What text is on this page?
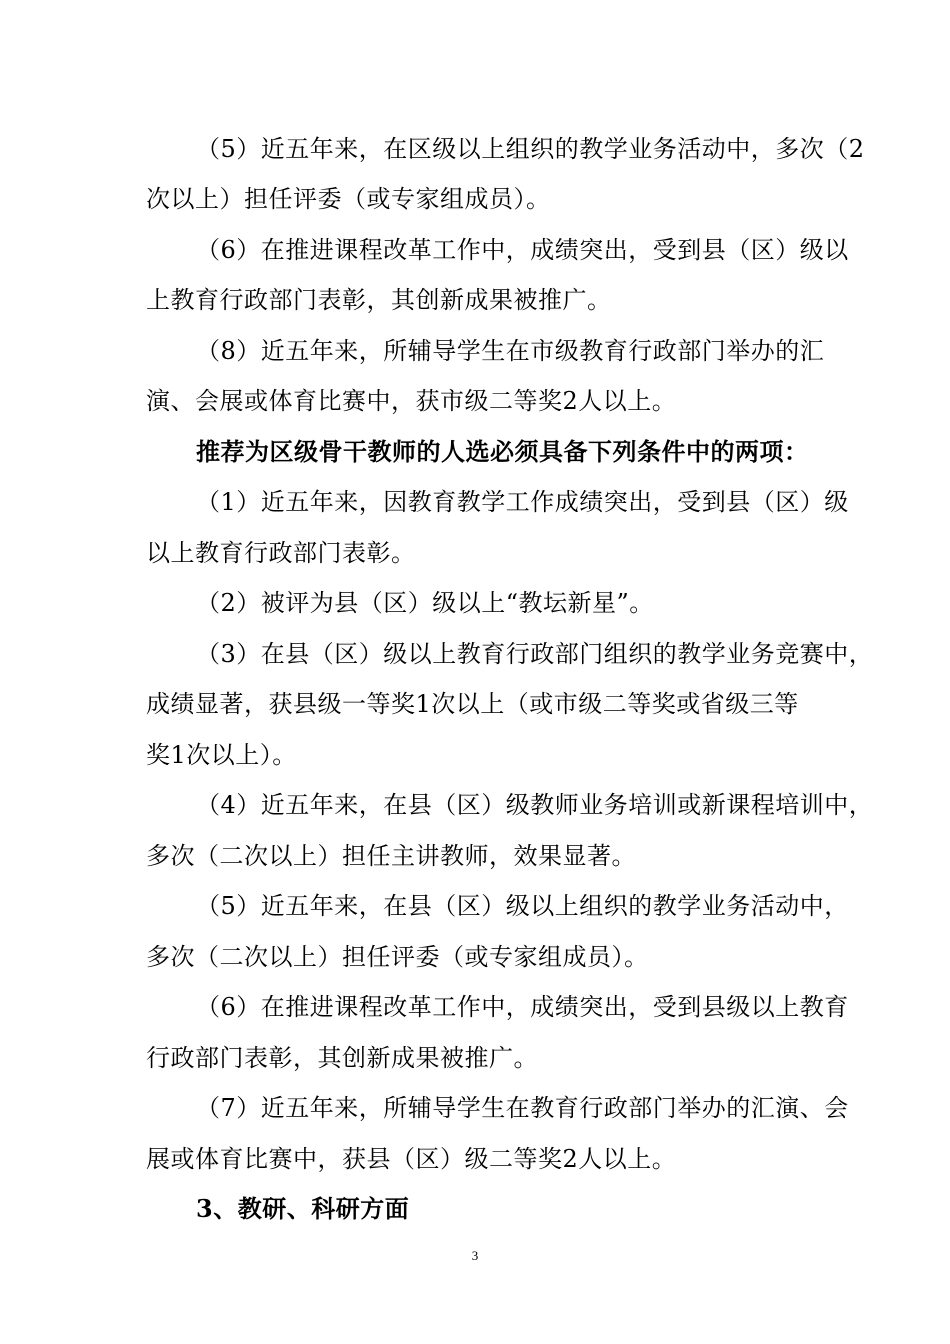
（5）近五年来，在区级以上组织的教学业务活动中，多次（2
次以上）担任评委（或专家组成员）。
（6）在推进课程改革工作中，成绩突出，受到县（区）级以
上教育行政部门表彰，其创新成果被推广。
（8）近五年来，所辅导学生在市级教育行政部门举办的汇
演、会展或体育比赛中，获市级二等奖2人以上。
推荐为区级骨干教师的人选必须具备下列条件中的两项：
（1）近五年来，因教育教学工作成绩突出，受到县（区）级
以上教育行政部门表彰。
（2）被评为县（区）级以上“教坛新星”。
（3）在县（区）级以上教育行政部门组织的教学业务竞赛中，
成绩显著，获县级一等奖1次以上（或市级二等奖或省级三等
奖1次以上）。
（4）近五年来，在县（区）级教师业务培训或新课程培训中，
多次（二次以上）担任主讲教师，效果显著。
（5）近五年来，在县（区）级以上组织的教学业务活动中，
多次（二次以上）担任评委（或专家组成员）。
（6）在推进课程改革工作中，成绩突出，受到县级以上教育
行政部门表彰，其创新成果被推广。
（7）近五年来，所辅导学生在教育行政部门举办的汇演、会
展或体育比赛中，获县（区）级二等奖2人以上。
3、教研、科研方面
3
